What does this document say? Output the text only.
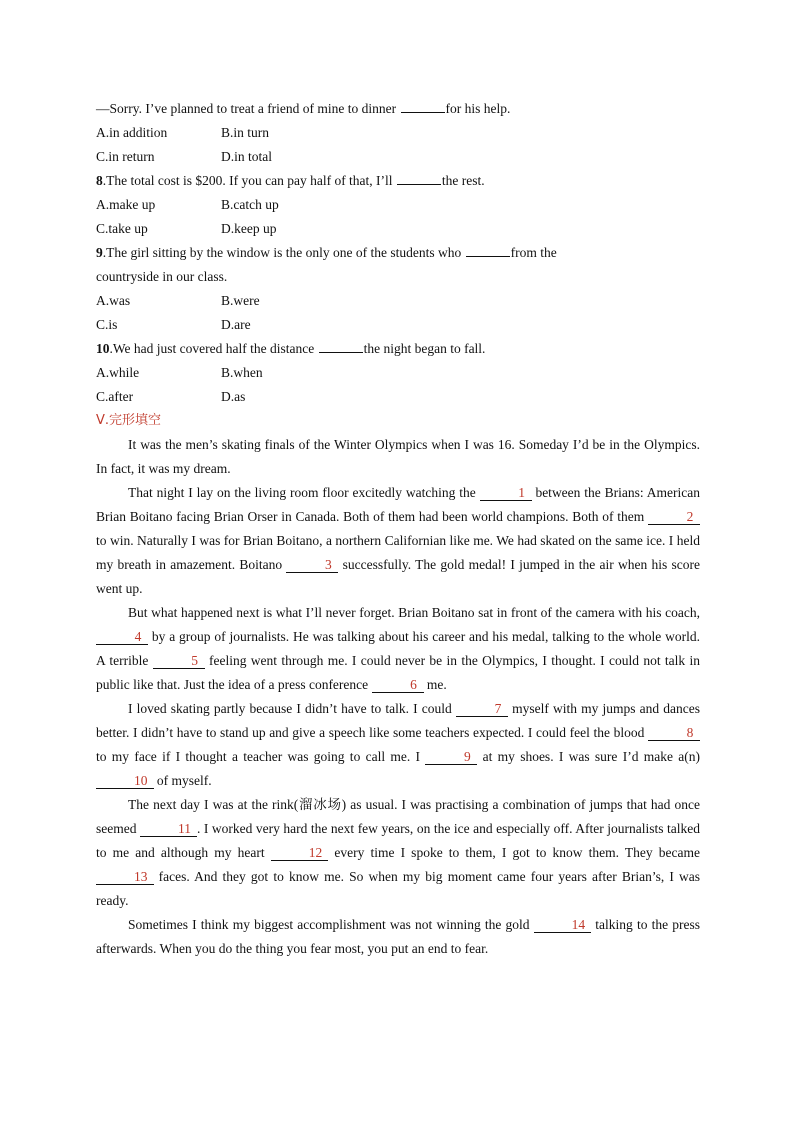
—Sorry. I’ve planned to treat a friend of mine to dinner	for his help.
A.in addition	B.in turn
C.in return	D.in total
8.The total cost is $200. If you can pay half of that, I’ll	the rest.
A.make up	B.catch up
C.take up	D.keep up
9.The girl sitting by the window is the only one of the students who	from the
countryside in our class.
A.was	B.were
C.is	D.are
10.We had just covered half the distance	the night began to fall.
A.while	B.when
C.after	D.as
Ⅴ.完形填空

It was the men’s skating finals of the Winter Olympics when I was 16. Someday I’d be in the Olympics. In fact, it was my dream.

That night I lay on the living room floor excitedly watching the	1 between the Brians: American Brian Boitano facing Brian Orser in Canada. Both of them had been world champions. Both of them	2 to win. Naturally I was for Brian Boitano, a northern Californian like me. We had skated on the same ice. I held my breath in amazement. Boitano	3 successfully. The gold medal! I jumped in the air when his score went up.

But what happened next is what I’ll never forget. Brian Boitano sat in front of the camera with his coach, 4 by a group of journalists. He was talking about his career and his medal, talking to the whole world. A terrible	5 feeling went through me. I could never be in the Olympics, I thought. I could not talk in public like that. Just the idea of a press conference	6 me.

I loved skating partly because I didn’t have to talk. I could	7 myself with my jumps and dances better. I didn’t have to stand up and give a speech like some teachers expected. I could feel the blood	8 to my face if I thought a teacher was going to call me. I	9 at my shoes. I was sure I’d make a(n) 10 of myself.

The next day I was at the rink(溜冰场) as usual. I was practising a combination of jumps that had once seemed	11 . I worked very hard the next few years, on the ice and especially off. After journalists talked to me and although my heart	12 every time I spoke to them, I got to know them. They became 13 faces. And they got to know me. So when my big moment came four years after Brian’s, I was ready.

Sometimes I think my biggest accomplishment was not winning the gold	14 talking to the press afterwards. When you do the thing you fear most, you put an end to fear.
